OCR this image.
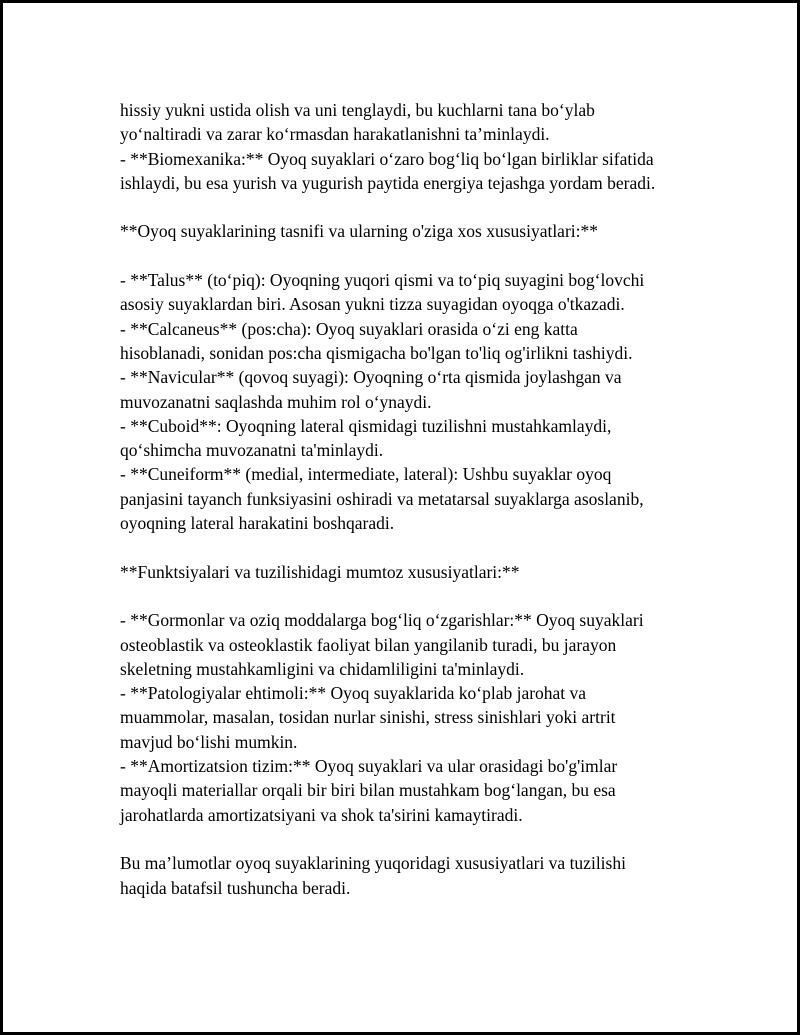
hissiy yukni ustida olish va uni tenglaydi, bu kuchlarni tana bo‘ylab
yo‘naltiradi va zarar ko‘rmasdan harakatlanishni ta’minlaydi.
- **Biomexanika:** Oyoq suyaklari o‘zaro bog‘liq bo‘lgan birliklar sifatida
ishlaydi, bu esa yurish va yugurish paytida energiya tejashga yordam beradi.
**Oyoq suyaklarining tasnifi va ularning o'ziga xos xususiyatlari:**
- **Talus** (to‘piq): Oyoqning yuqori qismi va to‘piq suyagini bog‘lovchi
asosiy suyaklardan biri. Asosan yukni tizza suyagidan oyoqga o'tkazadi.
- **Calcaneus** (pos:cha): Oyoq suyaklari orasida o‘zi eng katta
hisoblanadi, sonidan pos:cha qismigacha bo'lgan to'liq og'irlikni tashiydi.
- **Navicular** (qovoq suyagi): Oyoqning o‘rta qismida joylashgan va
muvozanatni saqlashda muhim rol o‘ynaydi.
- **Cuboid**: Oyoqning lateral qismidagi tuzilishni mustahkamlaydi,
qo‘shimcha muvozanatni ta'minlaydi.
- **Cuneiform** (medial, intermediate, lateral): Ushbu suyaklar oyoq
panjasini tayanch funksiyasini oshiradi va metatarsal suyaklarga asoslanib,
oyoqning lateral harakatini boshqaradi.
**Funktsiyalari va tuzilishidagi mumtoz xususiyatlari:**
- **Gormonlar va oziq moddalarga bog‘liq o‘zgarishlar:** Oyoq suyaklari
osteoblastik va osteoklastik faoliyat bilan yangilanib turadi, bu jarayon
skeletning mustahkamligini va chidamliligini ta'minlaydi.
- **Patologiyalar ehtimoli:** Oyoq suyaklarida ko‘plab jarohat va
muammolar, masalan, tosidan nurlar sinishi, stress sinishlari yoki artrit
mavjud bo‘lishi mumkin.
- **Amortizatsion tizim:** Oyoq suyaklari va ular orasidagi bo'g'imlar
mayoqli materiallar orqali bir biri bilan mustahkam bog‘langan, bu esa
jarohatlarda amortizatsiyani va shok ta'sirini kamaytiradi.
Bu ma’lumotlar oyoq suyaklarining yuqoridagi xususiyatlari va tuzilishi
haqida batafsil tushuncha beradi.
